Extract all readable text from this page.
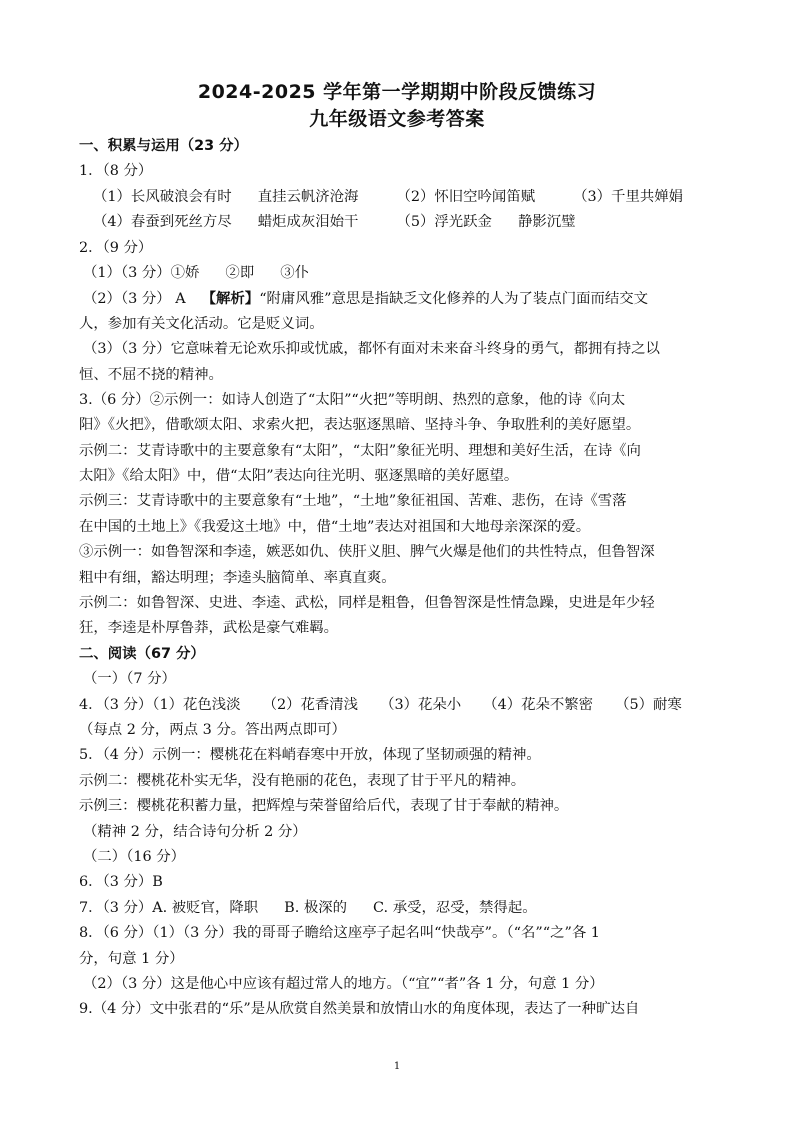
2024-2025 学年第一学期期中阶段反馈练习
九年级语文参考答案
一、积累与运用（23 分）
1．（8 分）
（1）长风破浪会有时 直挂云帆济沧海	（2）怀旧空吟闻笛赋	（3）千里共婵娟
（4）春蚕到死丝方尽 蜡炬成灰泪始干	（5）浮光跃金 静影沉璧
2．（9 分）
（1）（3 分）①娇 ②即 ③仆
（2）（3 分） A 【解析】“附庸风雅”意思是指缺乏文化修养的人为了装点门面而结交文
人，参加有关文化活动。它是贬义词。
（3）（3 分）它意味着无论欢乐抑或忧戚，都怀有面对未来奋斗终身的勇气，都拥有持之以
恒、不屈不挠的精神。
3.（6 分）②示例一：如诗人创造了“太阳”“火把”等明朗、热烈的意象，他的诗《向太
阳》《火把》，借歌颂太阳、求索火把，表达驱逐黑暗、坚持斗争、争取胜利的美好愿望。
示例二：艾青诗歌中的主要意象有“太阳”，“太阳”象征光明、理想和美好生活，在诗《向
太阳》《给太阳》中，借“太阳”表达向往光明、驱逐黑暗的美好愿望。
示例三：艾青诗歌中的主要意象有“土地”，“土地”象征祖国、苦难、悲伤，在诗《雪落
在中国的土地上》《我爱这土地》中，借“土地”表达对祖国和大地母亲深深的爱。
③示例一：如鲁智深和李逵，嫉恶如仇、侠肝义胆、脾气火爆是他们的共性特点，但鲁智深
粗中有细，豁达明理；李逵头脑简单、率真直爽。
示例二：如鲁智深、史进、李逵、武松，同样是粗鲁，但鲁智深是性情急躁，史进是年少轻
狂，李逵是朴厚鲁莽，武松是豪气难羁。
二、阅读（67 分）
（一）（7 分）
4．（3 分）（1）花色浅淡 （2）花香清浅 （3）花朵小 （4）花朵不繁密 （5）耐寒
（每点 2 分，两点 3 分。答出两点即可）
5．（4 分）示例一：樱桃花在料峭春寒中开放，体现了坚韧顽强的精神。
示例二：樱桃花朴实无华，没有艳丽的花色，表现了甘于平凡的精神。
示例三：樱桃花积蓄力量，把辉煌与荣誉留给后代，表现了甘于奉献的精神。
（精神 2 分，结合诗句分析 2 分）
（二）（16 分）
6．（3 分）B
7．（3 分）A. 被贬官，降职 B. 极深的 C. 承受，忍受，禁得起。
8．（6 分）（1）（3 分）我的哥哥子瞻给这座亭子起名叫“快哉亭”。（“名”“之”各 1
分，句意 1 分）
（2）（3 分）这是他心中应该有超过常人的地方。（“宜”“者”各 1 分，句意 1 分）
9.（4 分）文中张君的“乐”是从欣赏自然美景和放情山水的角度体现，表达了一种旷达自
1
